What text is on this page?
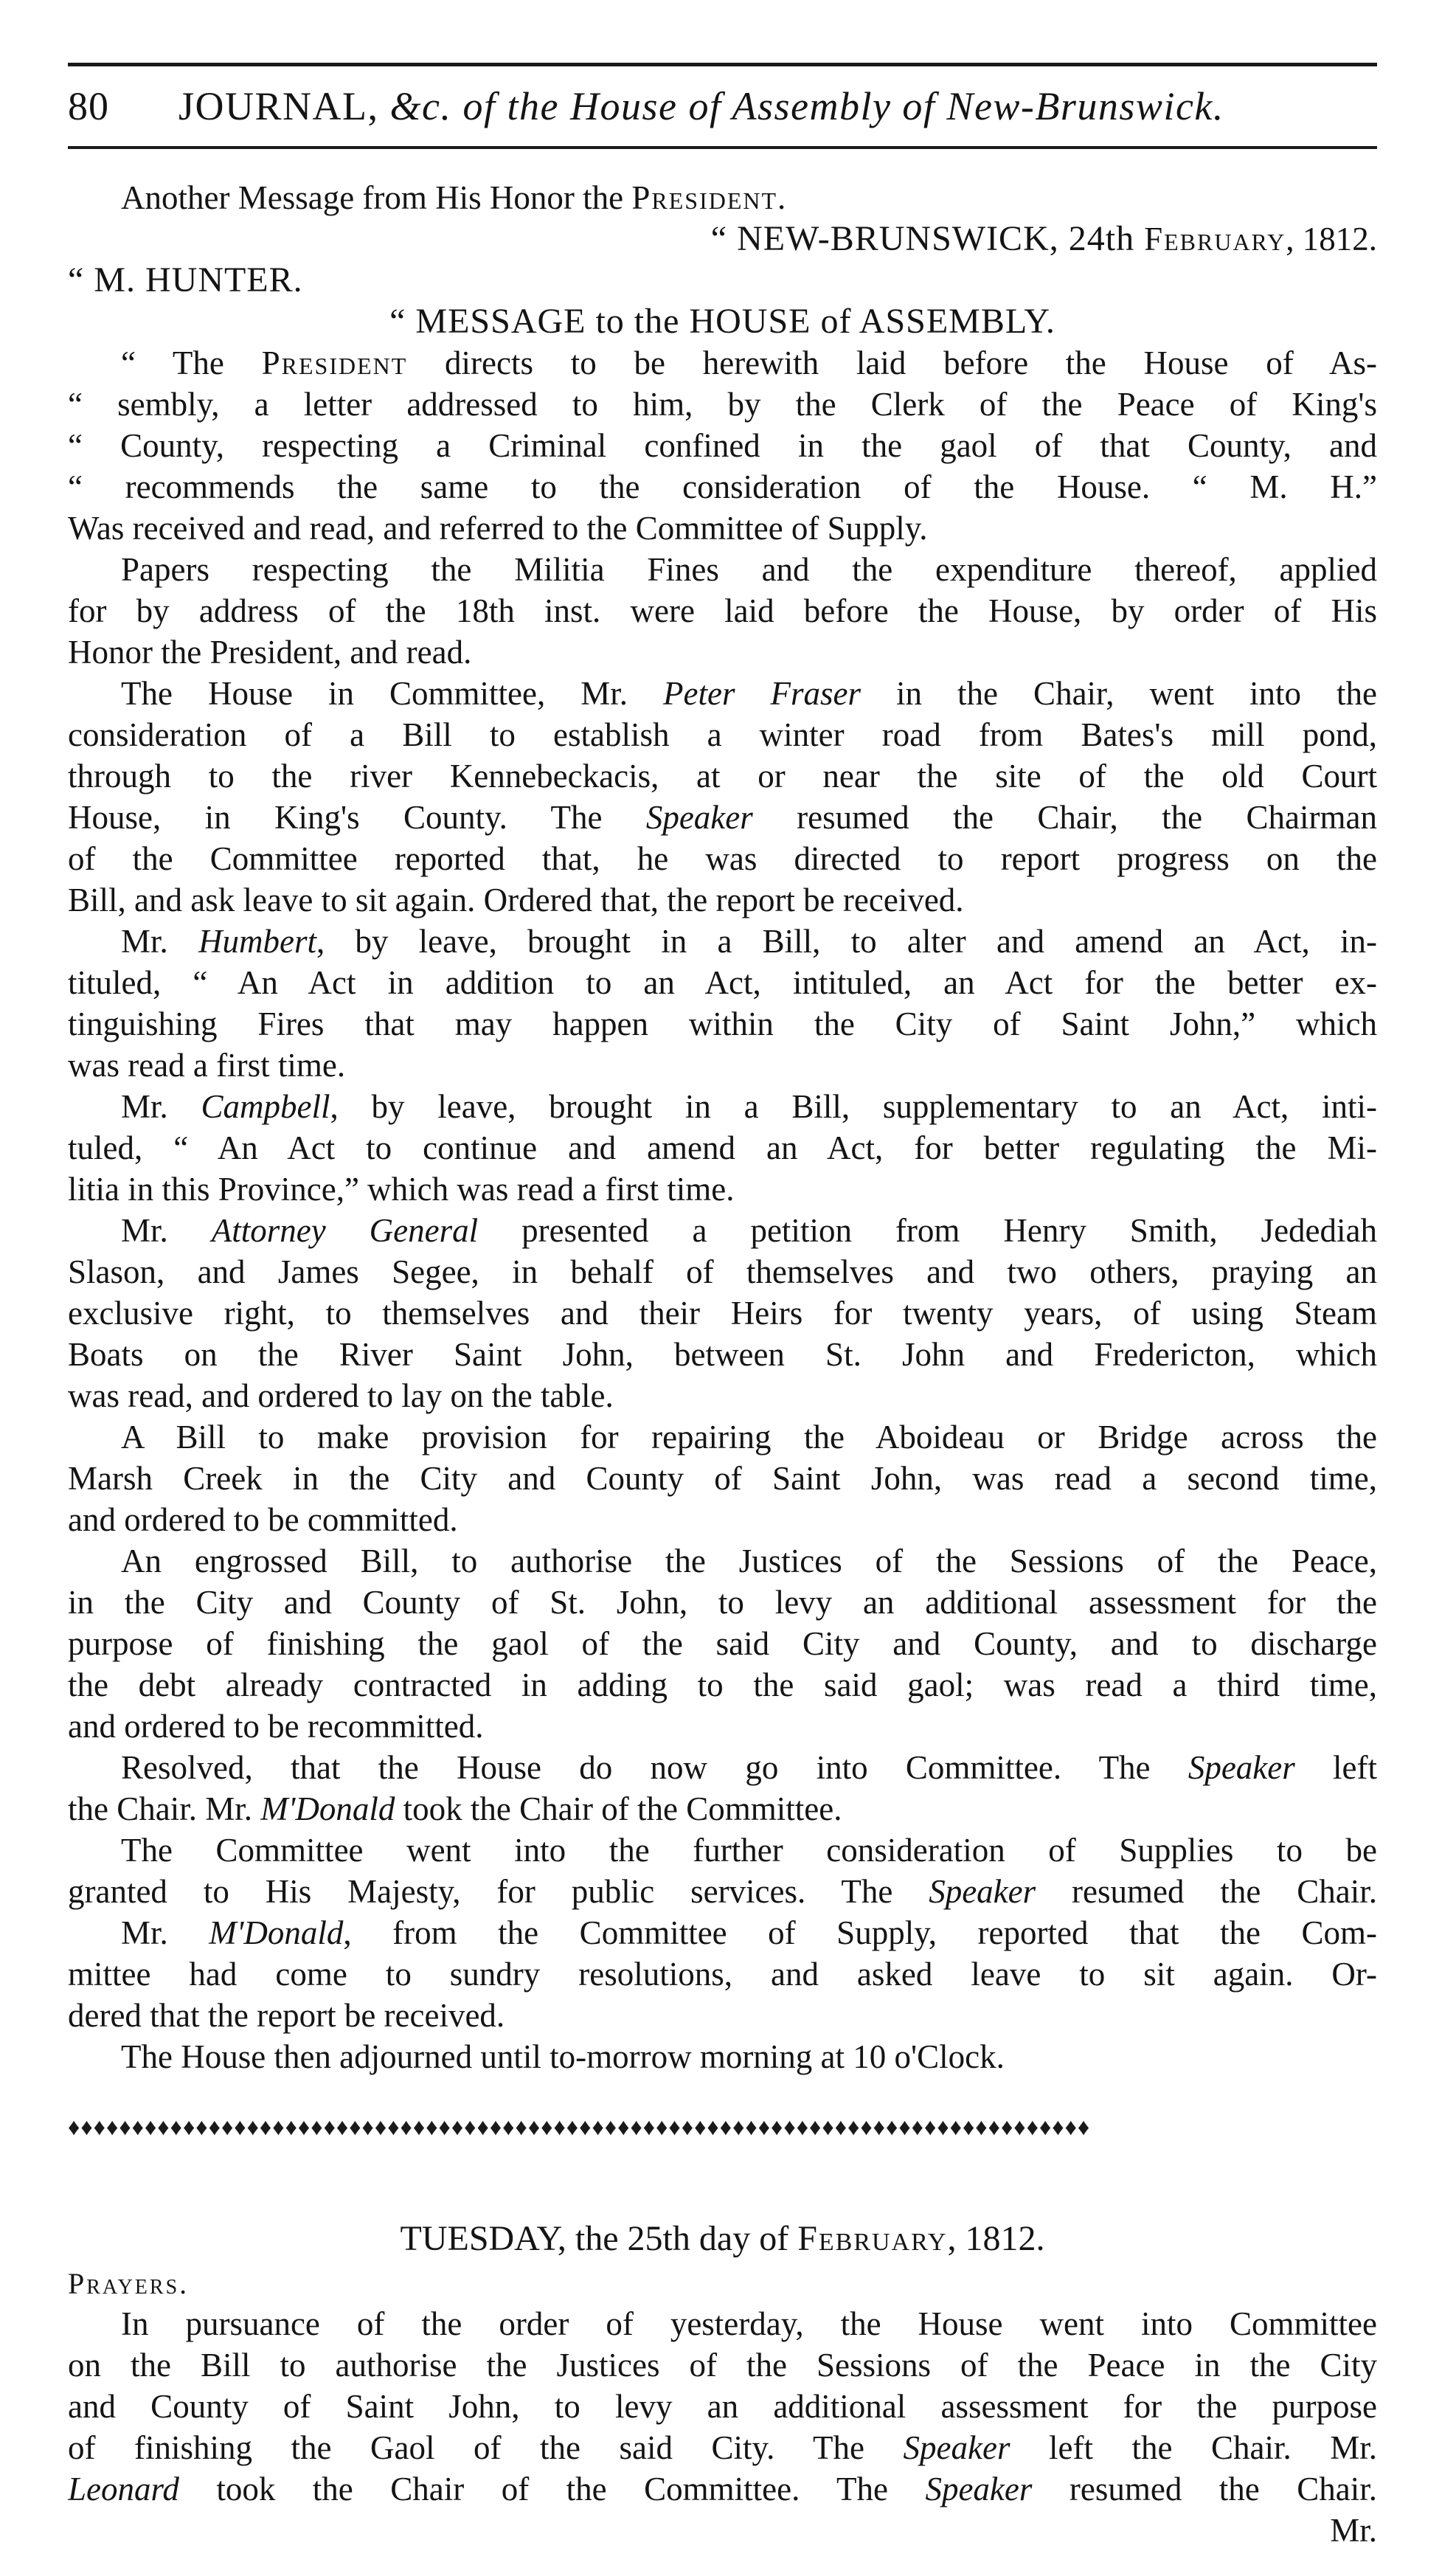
80 JOURNAL, &c. of the House of Assembly of New-Brunswick.
Another Message from His Honor the President.
“ NEW-BRUNSWICK, 24th February, 1812.
“ M. HUNTER.
“ MESSAGE to the HOUSE of ASSEMBLY.
“ The President directs to be herewith laid before the House of As-
“ sembly, a letter addressed to him, by the Clerk of the Peace of King's
“ County, respecting a Criminal confined in the gaol of that County, and
“ recommends the same to the consideration of the House. “ M. H.”
Was received and read, and referred to the Committee of Supply.
Papers respecting the Militia Fines and the expenditure thereof, applied
for by address of the 18th inst. were laid before the House, by order of His
Honor the President, and read.
The House in Committee, Mr. Peter Fraser in the Chair, went into the
consideration of a Bill to establish a winter road from Bates's mill pond,
through to the river Kennebeckacis, at or near the site of the old Court
House, in King's County. The Speaker resumed the Chair, the Chairman
of the Committee reported that, he was directed to report progress on the
Bill, and ask leave to sit again. Ordered that, the report be received.
Mr. Humbert, by leave, brought in a Bill, to alter and amend an Act, in-
tituled, “ An Act in addition to an Act, intituled, an Act for the better ex-
tinguishing Fires that may happen within the City of Saint John,” which
was read a first time.
Mr. Campbell, by leave, brought in a Bill, supplementary to an Act, inti-
tuled, “ An Act to continue and amend an Act, for better regulating the Mi-
litia in this Province,” which was read a first time.
Mr. Attorney General presented a petition from Henry Smith, Jedediah
Slason, and James Segee, in behalf of themselves and two others, praying an
exclusive right, to themselves and their Heirs for twenty years, of using Steam
Boats on the River Saint John, between St. John and Fredericton, which
was read, and ordered to lay on the table.
A Bill to make provision for repairing the Aboideau or Bridge across the
Marsh Creek in the City and County of Saint John, was read a second time,
and ordered to be committed.
An engrossed Bill, to authorise the Justices of the Sessions of the Peace,
in the City and County of St. John, to levy an additional assessment for the
purpose of finishing the gaol of the said City and County, and to discharge
the debt already contracted in adding to the said gaol; was read a third time,
and ordered to be recommitted.
Resolved, that the House do now go into Committee. The Speaker left
the Chair. Mr. M'Donald took the Chair of the Committee.
The Committee went into the further consideration of Supplies to be
granted to His Majesty, for public services. The Speaker resumed the Chair.
Mr. M'Donald, from the Committee of Supply, reported that the Com-
mittee had come to sundry resolutions, and asked leave to sit again. Or-
dered that the report be received.
The House then adjourned until to-morrow morning at 10 o'Clock.
♦♦♦♦♦♦♦♦♦♦♦♦♦♦♦♦♦♦♦♦♦♦♦♦♦♦♦♦♦♦♦♦♦♦♦♦♦♦♦♦♦♦♦♦♦♦♦♦♦♦♦♦♦♦♦♦♦♦♦♦♦♦♦♦♦♦♦♦♦♦♦♦♦♦♦♦♦♦♦♦
TUESDAY, the 25th day of February, 1812.
Prayers.
In pursuance of the order of yesterday, the House went into Committee
on the Bill to authorise the Justices of the Sessions of the Peace in the City
and County of Saint John, to levy an additional assessment for the purpose
of finishing the Gaol of the said City. The Speaker left the Chair. Mr.
Leonard took the Chair of the Committee. The Speaker resumed the Chair.
Mr.
